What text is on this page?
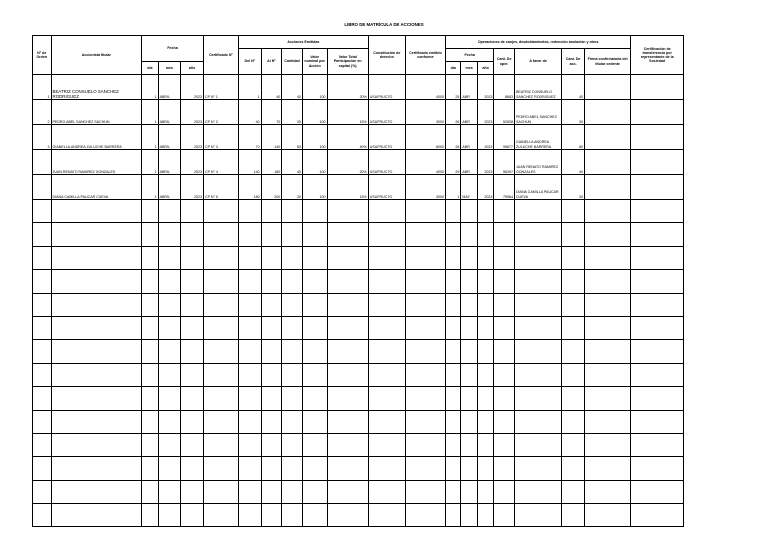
LIBRO DE MATRÍCULA DE ACCIONES
N° de Orden	Accionista titular	Fecha			Certificado N°	Acciones Emitidas					Constitución de derecho	Certificado emitido conforme	Operaciones de canjes, desdoblamientos, redención anulación y otros							Certificación de transferencia por representante de la Sociedad
						Del N°	Al N°	Cantidad	Valor nominal por Acción	Valor Total Participación en capital (%)			Fecha			Cant. De oper.	A favor de	Cant. De acc.	Firma confirmatoria del titular cedente	
		día	mes	año									día	mes	año					
1	BEATRIZ CONSUELO SANCHEZ RODRIGUEZ	1	ABRIL	2023	CP N° 1	1	40	40	100	20%	USUFRUCTO	4000	25	ABR	2023	8683	BEATRIZ CONSUELO SANCHEZ RODRIGUEZ	40		
2	PEDRO ABEL SANCHEZ SACHUN	1	ABRIL	2023	CP N° 2	40	70	30	100	15%	USUFRUCTO	3000	26	ABR	2023	52838	PEDRO ABEL SANCHEZ SACHUN	30		
3	GIANELLA ANDREA ZULUCHE BARRERA	1	ABRIL	2023	CP N° 3	70	140	80	100	40%	USUFRUCTO	8000	28	ABR	2023	95677	GIANELLA ANDREA ZULUCHE BARRERA	80		
4	JUAN RENATO RAMIREZ GONZALES	1	ABRIL	2023	CP N° 4	140	180	40	100	20%	USUFRUCTO	4000	29	ABR	2023	56397	JUAN RENATO RAMIREZ GONZALES	40		
5	DIANA CAMILLA PAUCAR CUEVA	1	ABRIL	2023	CP N° 5	180	200	30	100	15%	USUFRUCTO	3000	1	MAY	2023	75964	DIANA CAMILLA PAUCAR CUEVA	30		
